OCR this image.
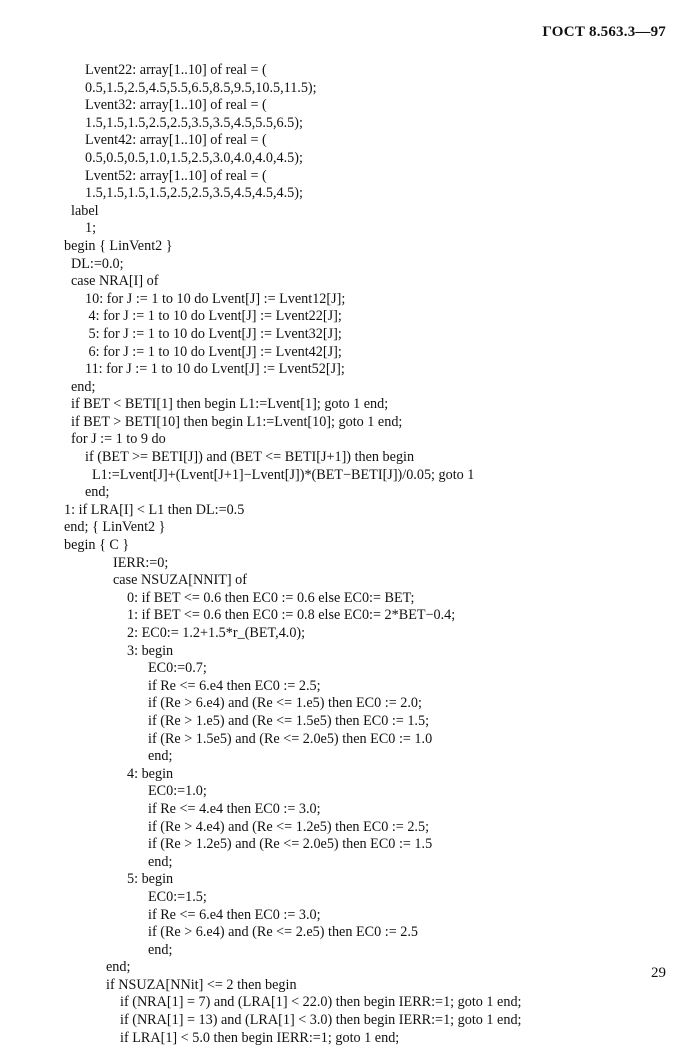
ГОСТ 8.563.3—97
Lvent22: array[1..10] of real = (
0.5,1.5,2.5,4.5,5.5,6.5,8.5,9.5,10.5,11.5);
Lvent32: array[1..10] of real = (
1.5,1.5,1.5,2.5,2.5,3.5,3.5,4.5,5.5,6.5);
Lvent42: array[1..10] of real = (
0.5,0.5,0.5,1.0,1.5,2.5,3.0,4.0,4.0,4.5);
Lvent52: array[1..10] of real = (
1.5,1.5,1.5,1.5,2.5,2.5,3.5,4.5,4.5,4.5);
label
1;
begin { LinVent2 }
DL:=0.0;
case NRA[I] of
10: for J := 1 to 10 do Lvent[J] := Lvent12[J];
4: for J := 1 to 10 do Lvent[J] := Lvent22[J];
5: for J := 1 to 10 do Lvent[J] := Lvent32[J];
6: for J := 1 to 10 do Lvent[J] := Lvent42[J];
11: for J := 1 to 10 do Lvent[J] := Lvent52[J];
end;
if BET < BETI[1] then begin L1:=Lvent[1]; goto 1 end;
if BET > BETI[10] then begin L1:=Lvent[10]; goto 1 end;
for J := 1 to 9 do
if (BET >= BETI[J]) and (BET <= BETI[J+1]) then begin
L1:=Lvent[J]+(Lvent[J+1]−Lvent[J])*(BET−BETI[J])/0.05; goto 1
end;
1: if LRA[I] < L1 then DL:=0.5
end; { LinVent2 }
begin { C }
IERR:=0;
case NSUZA[NNIT] of
0: if BET <= 0.6 then EC0 := 0.6 else EC0:= BET;
1: if BET <= 0.6 then EC0 := 0.8 else EC0:= 2*BET−0.4;
2: EC0:= 1.2+1.5*r_(BET,4.0);
3: begin
EC0:=0.7;
if Re <= 6.e4 then EC0 := 2.5;
if (Re > 6.e4) and (Re <= 1.e5) then EC0 := 2.0;
if (Re > 1.e5) and (Re <= 1.5e5) then EC0 := 1.5;
if (Re > 1.5e5) and (Re <= 2.0e5) then EC0 := 1.0
end;
4: begin
EC0:=1.0;
if Re <= 4.e4 then EC0 := 3.0;
if (Re > 4.e4) and (Re <= 1.2e5) then EC0 := 2.5;
if (Re > 1.2e5) and (Re <= 2.0e5) then EC0 := 1.5
end;
5: begin
EC0:=1.5;
if Re <= 6.e4 then EC0 := 3.0;
if (Re > 6.e4) and (Re <= 2.e5) then EC0 := 2.5
end;
end;
if NSUZA[NNit] <= 2 then begin
if (NRA[1] = 7) and (LRA[1] < 22.0) then begin IERR:=1; goto 1 end;
if (NRA[1] = 13) and (LRA[1] < 3.0) then begin IERR:=1; goto 1 end;
if LRA[1] < 5.0 then begin IERR:=1; goto 1 end;
29
